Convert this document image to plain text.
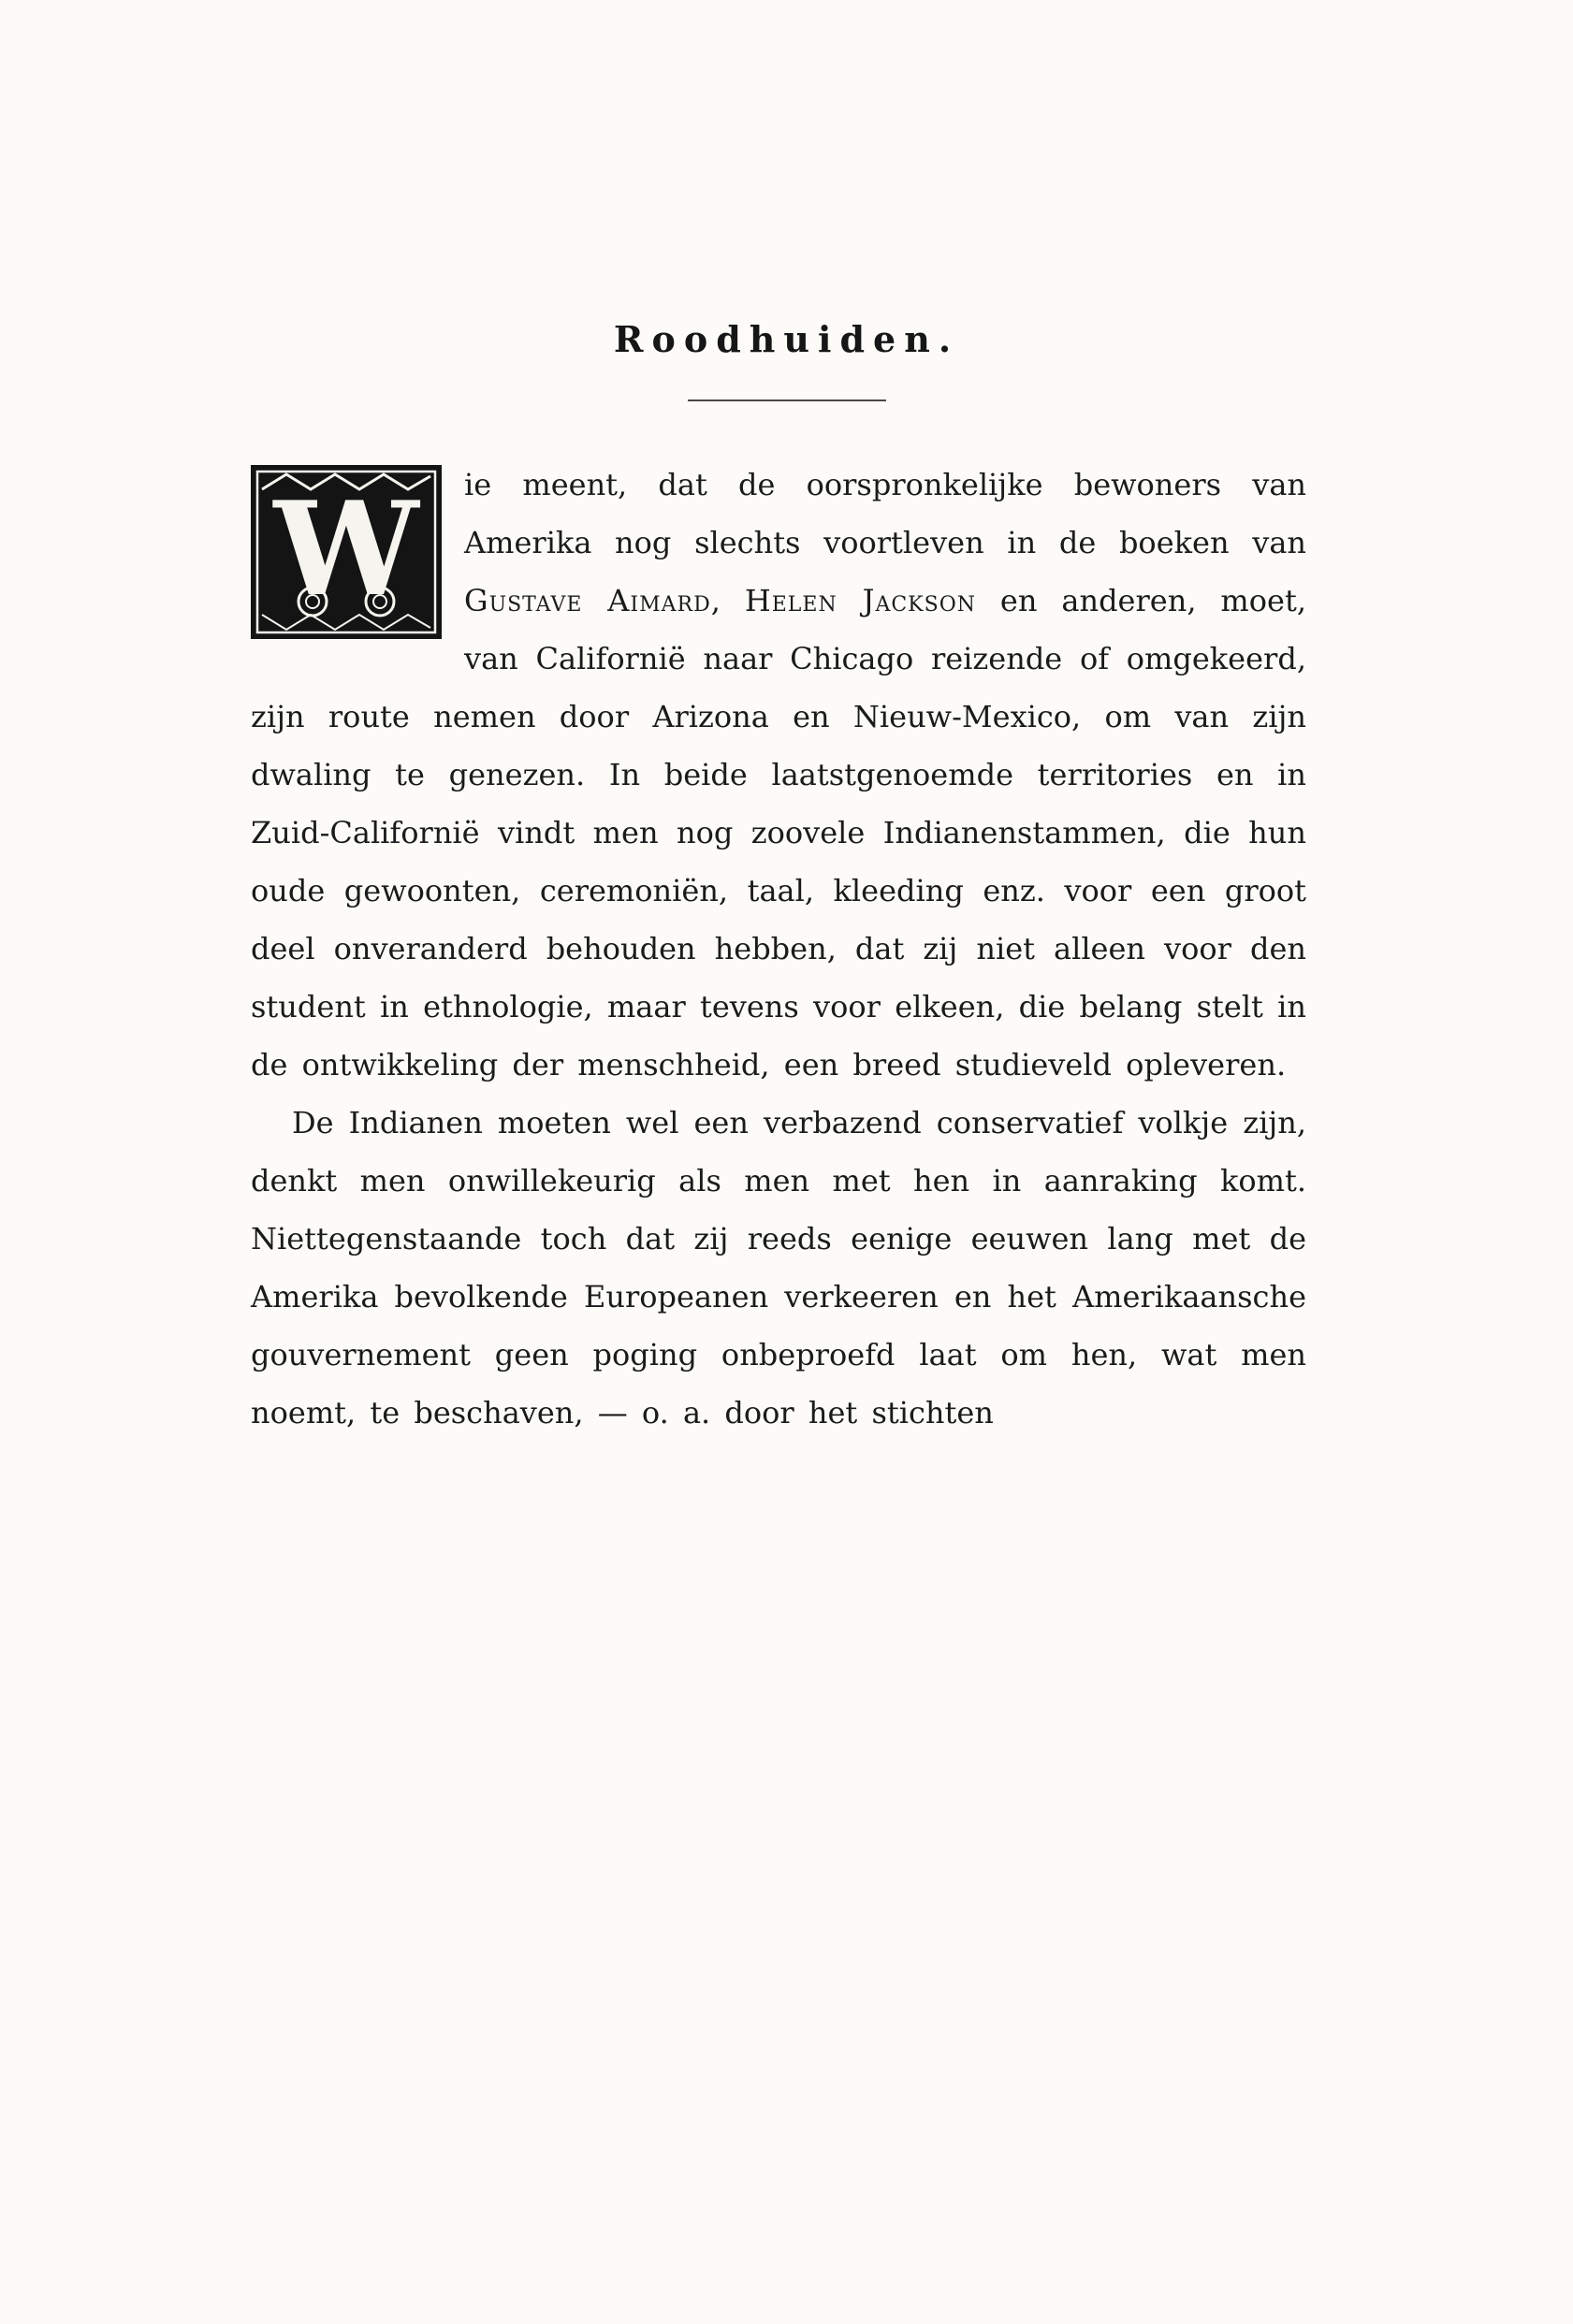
Roodhuiden.

W ie meent, dat de oorspronkelijke bewoners van Amerika nog slechts voortleven in de boeken van Gustave Aimard, Helen Jackson en anderen, moet, van Californië naar Chicago reizende of omgekeerd, zijn route nemen door Arizona en Nieuw-Mexico, om van zijn dwaling te genezen. In beide laatstgenoemde territories en in Zuid-Californië vindt men nog zoovele Indianenstammen, die hun oude gewoonten, ceremoniën, taal, kleeding enz. voor een groot deel onveranderd behouden hebben, dat zij niet alleen voor den student in ethnologie, maar tevens voor elkeen, die belang stelt in de ontwikkeling der menschheid, een breed studieveld opleveren.

De Indianen moeten wel een verbazend conservatief volkje zijn, denkt men onwillekeurig als men met hen in aanraking komt. Niettegenstaande toch dat zij reeds eenige eeuwen lang met de Amerika bevolkende Europeanen verkeeren en het Amerikaansche gouvernement geen poging onbeproefd laat om hen, wat men noemt, te beschaven, — o. a. door het stichten
